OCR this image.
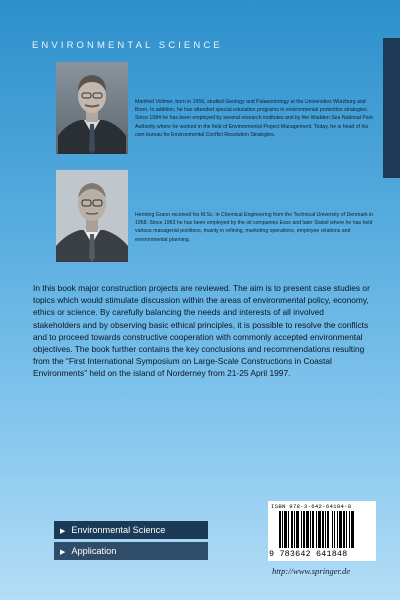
ENVIRONMENTAL SCIENCE
Manfred Vollmer, born in 1956, studied Geology and Palaeontology at the Universities Würzburg and Bonn. In addition, he has attended special education programs in environmental protection strategies. Since 1984 he has been employed by several research institutes and by the Wadden Sea National Park Authority where he worked in the field of Environmental Project Management. Today, he is head of his own bureau for Environmental Conflict Resolution Strategies.
Henning Grann received his M.Sc. in Chemical Engineering from the Technical University of Denmark in 1958. Since 1963 he has been employed by the oil companies Esso and later Statoil where he has held various managerial positions, mainly in refining, marketing operations, employee relations and environmental planning.
In this book major construction projects are reviewed. The aim is to present case studies or topics which would stimulate discussion within the areas of environmental policy, economy, ethics or science. By carefully balancing the needs and interests of all involved stakeholders and by observing basic ethical principles, it is possible to resolve the conflicts and to proceed towards constructive cooperation with commonly accepted environmental objectives. The book further contains the key conclusions and recommendations resulting from the “First International Symposium on Large-Scale Constructions in Coastal Environments” held on the island of Norderney from 21-25 April 1997.
▶ Environmental Science
▶ Application
ISBN 978-3-642-64184-8
9 783642 641848
http://www.springer.de
